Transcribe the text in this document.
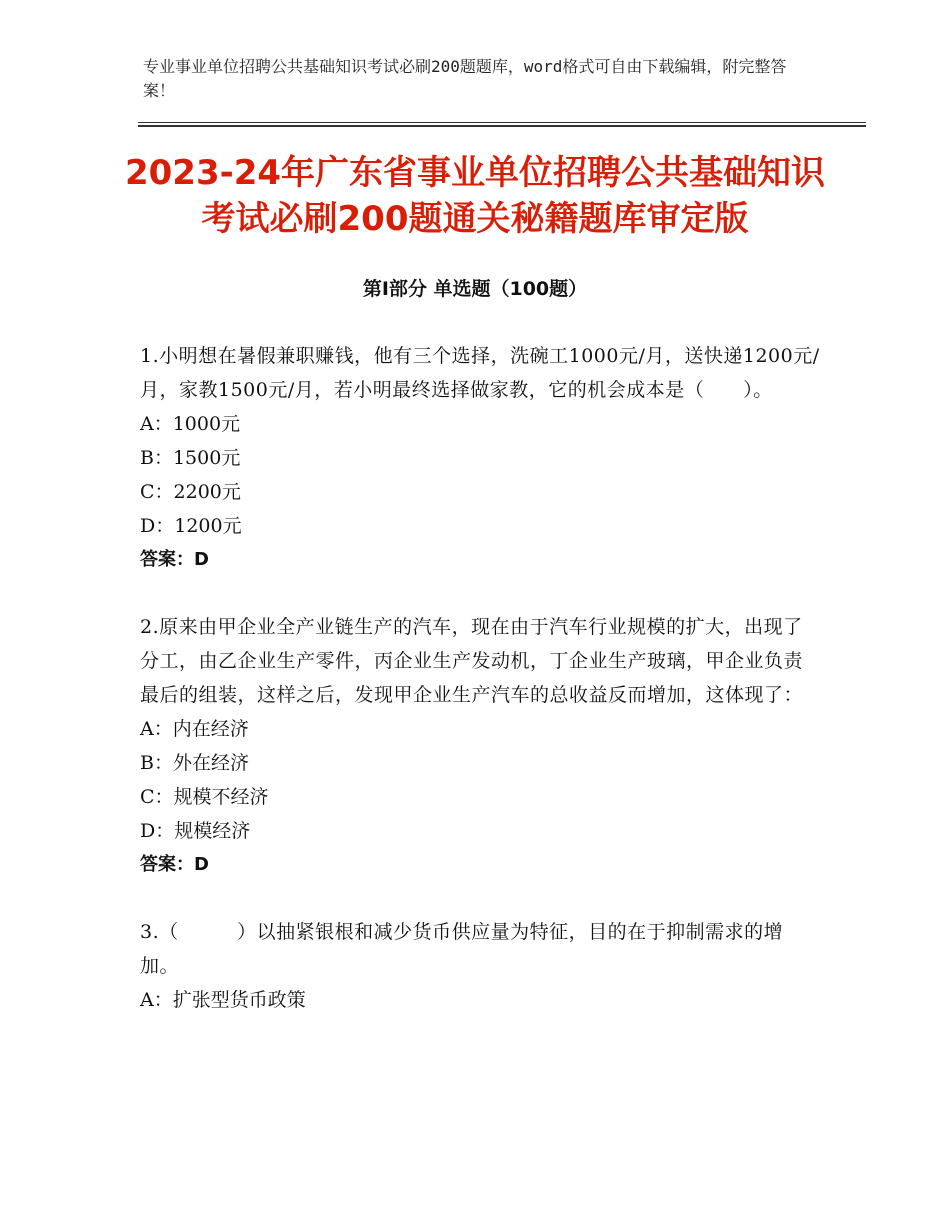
专业事业单位招聘公共基础知识考试必刷200题题库，word格式可自由下载编辑，附完整答案！
2023-24年广东省事业单位招聘公共基础知识考试必刷200题通关秘籍题库审定版
第Ⅰ部分 单选题（100题）

1.小明想在暑假兼职赚钱，他有三个选择，洗碗工1000元/月，送快递1200元/月，家教1500元/月，若小明最终选择做家教，它的机会成本是（　　）。

A：1000元

B：1500元

C：2200元

D：1200元

答案：D

2.原来由甲企业全产业链生产的汽车，现在由于汽车行业规模的扩大，出现了分工，由乙企业生产零件，丙企业生产发动机，丁企业生产玻璃，甲企业负责最后的组装，这样之后，发现甲企业生产汽车的总收益反而增加，这体现了：

A：内在经济

B：外在经济

C：规模不经济

D：规模经济

答案：D

3.（　　　）以抽紧银根和减少货币供应量为特征，目的在于抑制需求的增加。

A：扩张型货币政策
